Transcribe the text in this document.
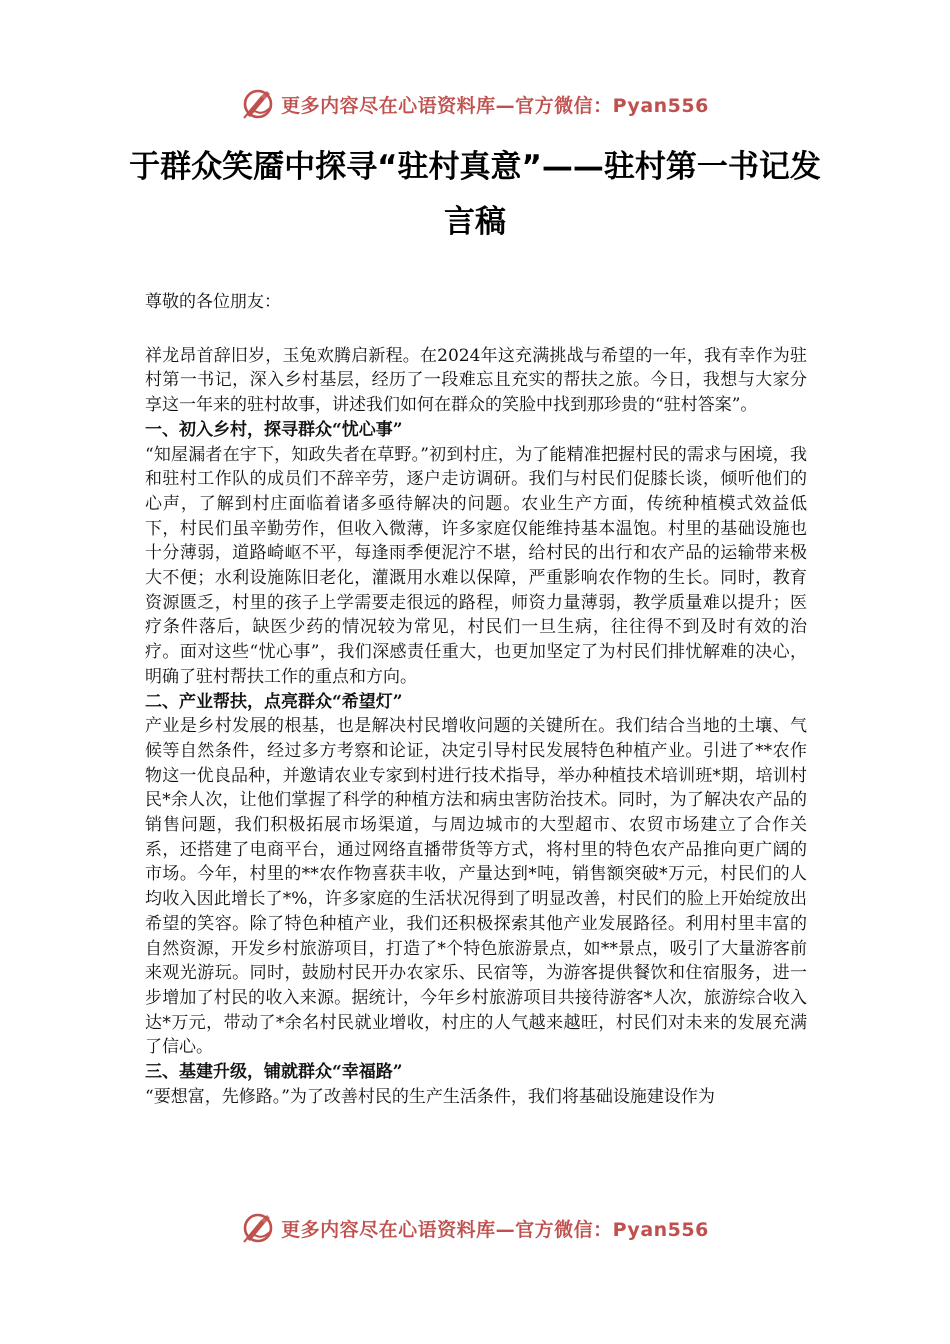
更多内容尽在心语资料库—官方微信：Pyan556
于群众笑靥中探寻“驻村真意”——驻村第一书记发言稿

尊敬的各位朋友：

祥龙昂首辞旧岁，玉兔欢腾启新程。在2024年这充满挑战与希望的一年，我有幸作为驻村第一书记，深入乡村基层，经历了一段难忘且充实的帮扶之旅。今日，我想与大家分享这一年来的驻村故事，讲述我们如何在群众的笑脸中找到那珍贵的“驻村答案”。

一、初入乡村，探寻群众“忧心事”

“知屋漏者在宇下，知政失者在草野。”初到村庄，为了能精准把握村民的需求与困境，我和驻村工作队的成员们不辞辛劳，逐户走访调研。我们与村民们促膝长谈，倾听他们的心声，了解到村庄面临着诸多亟待解决的问题。农业生产方面，传统种植模式效益低下，村民们虽辛勤劳作，但收入微薄，许多家庭仅能维持基本温饱。村里的基础设施也十分薄弱，道路崎岖不平，每逢雨季便泥泞不堪，给村民的出行和农产品的运输带来极大不便；水利设施陈旧老化，灌溉用水难以保障，严重影响农作物的生长。同时，教育资源匮乏，村里的孩子上学需要走很远的路程，师资力量薄弱，教学质量难以提升；医疗条件落后，缺医少药的情况较为常见，村民们一旦生病，往往得不到及时有效的治疗。面对这些“忧心事”，我们深感责任重大，也更加坚定了为村民们排忧解难的决心，明确了驻村帮扶工作的重点和方向。

二、产业帮扶，点亮群众“希望灯”

产业是乡村发展的根基，也是解决村民增收问题的关键所在。我们结合当地的土壤、气候等自然条件，经过多方考察和论证，决定引导村民发展特色种植产业。引进了**农作物这一优良品种，并邀请农业专家到村进行技术指导，举办种植技术培训班*期，培训村民*余人次，让他们掌握了科学的种植方法和病虫害防治技术。同时，为了解决农产品的销售问题，我们积极拓展市场渠道，与周边城市的大型超市、农贸市场建立了合作关系，还搭建了电商平台，通过网络直播带货等方式，将村里的特色农产品推向更广阔的市场。今年，村里的**农作物喜获丰收，产量达到*吨，销售额突破*万元，村民们的人均收入因此增长了*%，许多家庭的生活状况得到了明显改善，村民们的脸上开始绽放出希望的笑容。除了特色种植产业，我们还积极探索其他产业发展路径。利用村里丰富的自然资源，开发乡村旅游项目，打造了*个特色旅游景点，如**景点，吸引了大量游客前来观光游玩。同时，鼓励村民开办农家乐、民宿等，为游客提供餐饮和住宿服务，进一步增加了村民的收入来源。据统计，今年乡村旅游项目共接待游客*人次，旅游综合收入达*万元，带动了*余名村民就业增收，村庄的人气越来越旺，村民们对未来的发展充满了信心。

三、基建升级，铺就群众“幸福路”

“要想富，先修路。”为了改善村民的生产生活条件，我们将基础设施建设作为

更多内容尽在心语资料库—官方微信：Pyan556
